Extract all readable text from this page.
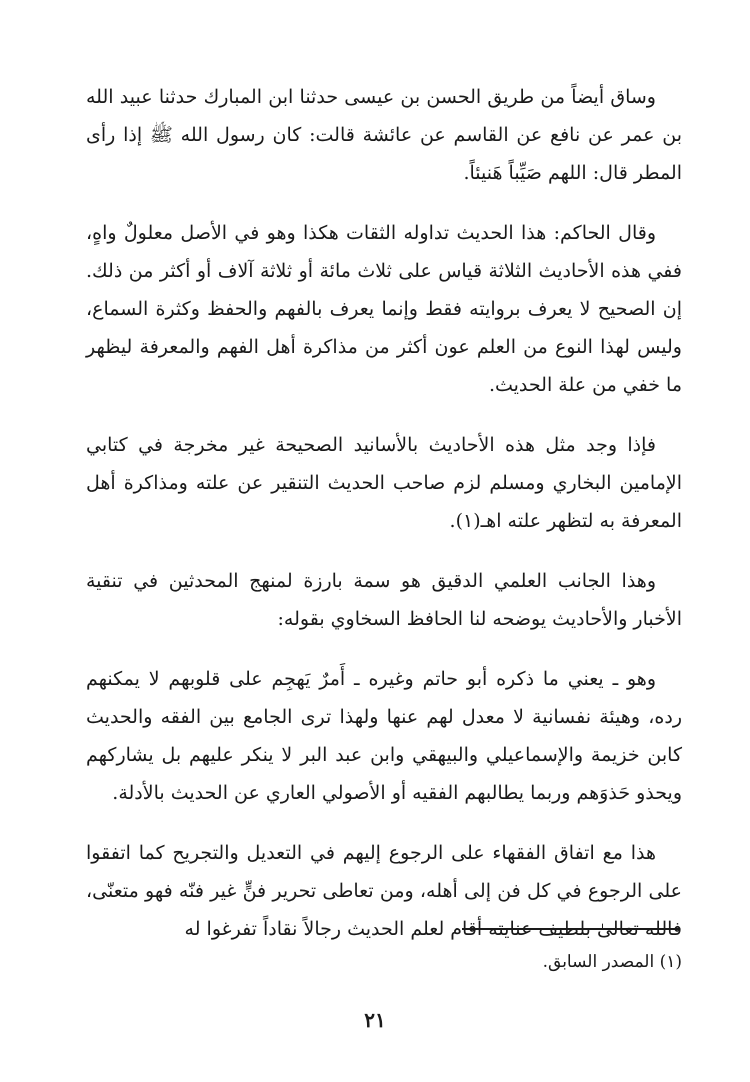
وساق أيضاً من طريق الحسن بن عيسى حدثنا ابن المبارك حدثنا عبيد الله بن عمر عن نافع عن القاسم عن عائشة قالت: كان رسول الله ﷺ إذا رأى المطر قال: اللهم صَيِّباً هَنيئاً.

وقال الحاكم: هذا الحديث تداوله الثقات هكذا وهو في الأصل معلولٌ واهٍ، ففي هذه الأحاديث الثلاثة قياس على ثلاث مائة أو ثلاثة آلاف أو أكثر من ذلك. إن الصحيح لا يعرف بروايته فقط وإنما يعرف بالفهم والحفظ وكثرة السماع، وليس لهذا النوع من العلم عون أكثر من مذاكرة أهل الفهم والمعرفة ليظهر ما خفي من علة الحديث.

فإذا وجد مثل هذه الأحاديث بالأسانيد الصحيحة غير مخرجة في كتابي الإمامين البخاري ومسلم لزم صاحب الحديث التنقير عن علته ومذاكرة أهل المعرفة به لتظهر علته اهـ(١).

وهذا الجانب العلمي الدقيق هو سمة بارزة لمنهج المحدثين في تنقية الأخبار والأحاديث يوضحه لنا الحافظ السخاوي بقوله:

وهو ـ يعني ما ذكره أبو حاتم وغيره ـ أَمرٌ يَهجِم على قلوبهم لا يمكنهم رده، وهيئة نفسانية لا معدل لهم عنها ولهذا ترى الجامع بين الفقه والحديث كابن خزيمة والإسماعيلي والبيهقي وابن عبد البر لا ينكر عليهم بل يشاركهم ويحذو حَذوَهم وربما يطالبهم الفقيه أو الأصولي العاري عن الحديث بالأدلة.

هذا مع اتفاق الفقهاء على الرجوع إليهم في التعديل والتجريح كما اتفقوا على الرجوع في كل فن إلى أهله، ومن تعاطى تحرير فنٍّ غير فنّه فهو متعنّى، فالله تعالىٰ بلطيف عنايته أقام لعلم الحديث رجالاً نقاداً تفرغوا له

(١) المصدر السابق.
٢١
